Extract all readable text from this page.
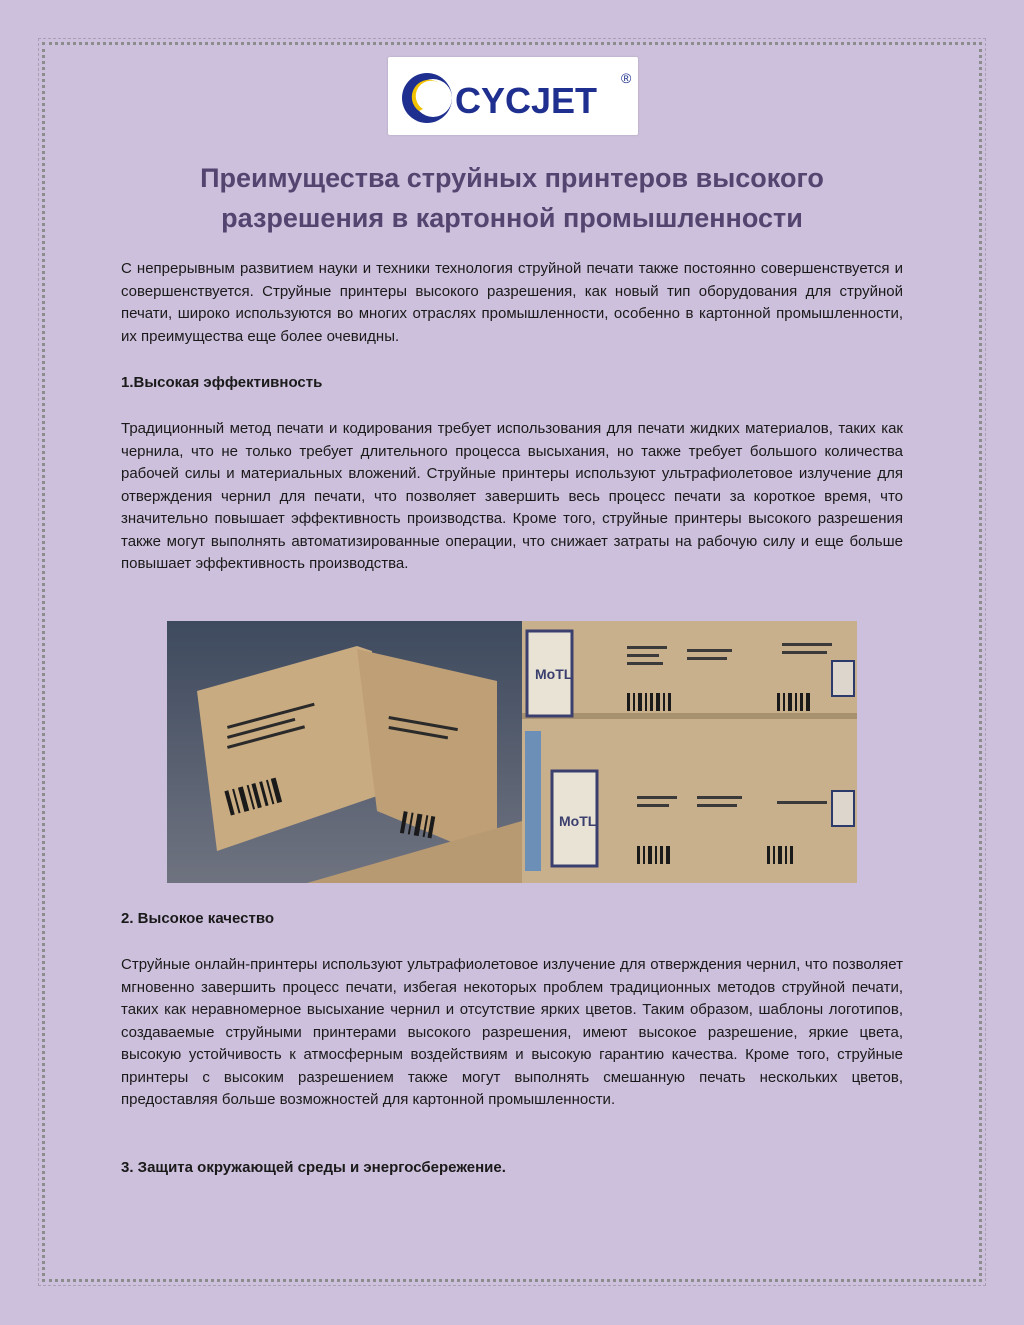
CYCJET
®
Преимущества струйных принтеров высокого
разрешения в картонной промышленности

С непрерывным развитием науки и техники технология струйной печати также постоянно совершенствуется и совершенствуется. Струйные принтеры высокого разрешения, как новый тип оборудования для струйной печати, широко используются во многих отраслях промышленности, особенно в картонной промышленности, их преимущества еще более очевидны.

1.Высокая эффективность

Традиционный метод печати и кодирования требует использования для печати жидких материалов, таких как чернила, что не только требует длительного процесса высыхания, но также требует большого количества рабочей силы и материальных вложений. Струйные принтеры используют ультрафиолетовое излучение для отверждения чернил для печати, что позволяет завершить весь процесс печати за короткое время, что значительно повышает эффективность производства. Кроме того, струйные принтеры высокого разрешения также могут выполнять автоматизированные операции, что снижает затраты на рабочую силу и еще больше повышает эффективность производства.

MoTL
MoTL
2. Высокое качество

Струйные онлайн-принтеры используют ультрафиолетовое излучение для отверждения чернил, что позволяет мгновенно завершить процесс печати, избегая некоторых проблем традиционных методов струйной печати, таких как неравномерное высыхание чернил и отсутствие ярких цветов. Таким образом, шаблоны логотипов, создаваемые струйными принтерами высокого разрешения, имеют высокое разрешение, яркие цвета, высокую устойчивость к атмосферным воздействиям и высокую гарантию качества. Кроме того, струйные принтеры с высоким разрешением также могут выполнять смешанную печать нескольких цветов, предоставляя больше возможностей для картонной промышленности.

3. Защита окружающей среды и энергосбережение.
